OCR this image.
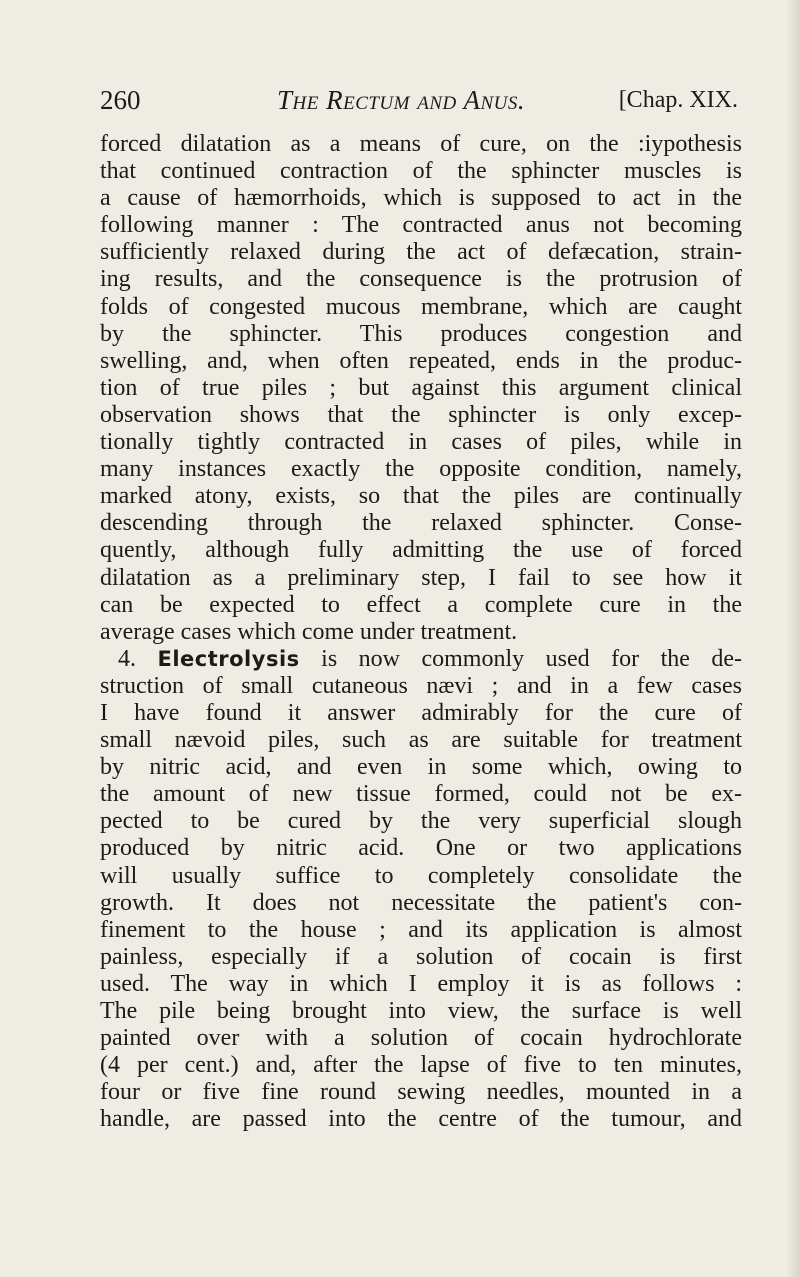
260	The Rectum and Anus.	[Chap. XIX.
forced dilatation as a means of cure, on the :iypothesis
that continued contraction of the sphincter muscles is
a cause of hæmorrhoids, which is supposed to act in the
following manner : The contracted anus not becoming
sufficiently relaxed during the act of defæcation, strain-
ing results, and the consequence is the protrusion of
folds of congested mucous membrane, which are caught
by the sphincter. This produces congestion and
swelling, and, when often repeated, ends in the produc-
tion of true piles ; but against this argument clinical
observation shows that the sphincter is only excep-
tionally tightly contracted in cases of piles, while in
many instances exactly the opposite condition, namely,
marked atony, exists, so that the piles are continually
descending through the relaxed sphincter. Conse-
quently, although fully admitting the use of forced
dilatation as a preliminary step, I fail to see how it
can be expected to effect a complete cure in the
average cases which come under treatment.
4. Electrolysis is now commonly used for the de-
struction of small cutaneous nævi ; and in a few cases
I have found it answer admirably for the cure of
small nævoid piles, such as are suitable for treatment
by nitric acid, and even in some which, owing to
the amount of new tissue formed, could not be ex-
pected to be cured by the very superficial slough
produced by nitric acid. One or two applications
will usually suffice to completely consolidate the
growth. It does not necessitate the patient's con-
finement to the house ; and its application is almost
painless, especially if a solution of cocain is first
used. The way in which I employ it is as follows :
The pile being brought into view, the surface is well
painted over with a solution of cocain hydrochlorate
(4 per cent.) and, after the lapse of five to ten minutes,
four or five fine round sewing needles, mounted in a
handle, are passed into the centre of the tumour, and
